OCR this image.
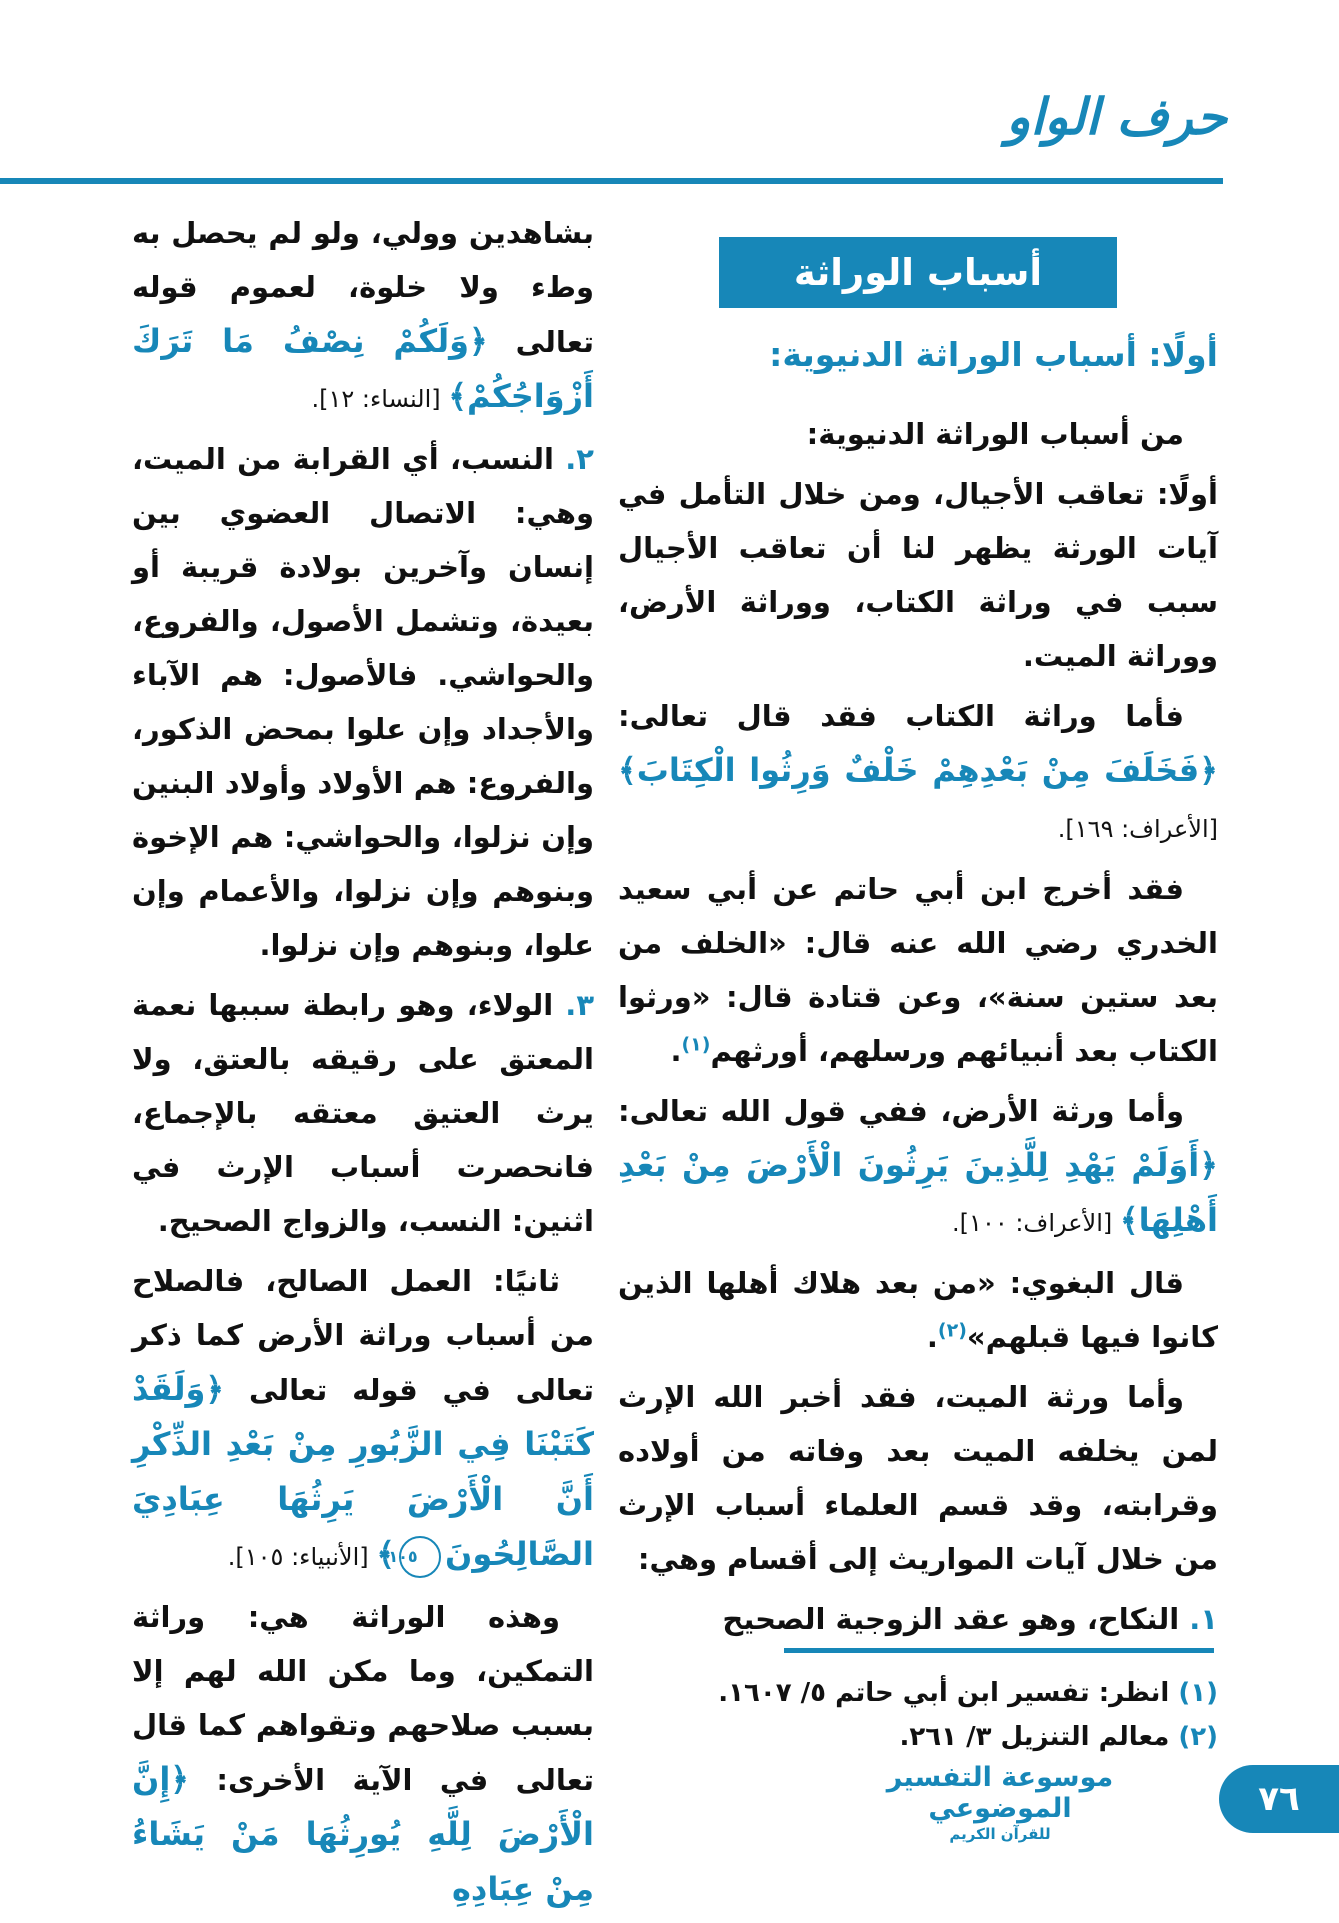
حرف الواو
أسباب الوراثة
أولًا: أسباب الوراثة الدنيوية:

من أسباب الوراثة الدنيوية:

أولًا: تعاقب الأجيال، ومن خلال التأمل في آيات الورثة يظهر لنا أن تعاقب الأجيال سبب في وراثة الكتاب، ووراثة الأرض، ووراثة الميت.

فأما وراثة الكتاب فقد قال تعالى: ﴿فَخَلَفَ مِنْ بَعْدِهِمْ خَلْفٌ وَرِثُوا الْكِتَابَ﴾ [الأعراف: ١٦٩].

فقد أخرج ابن أبي حاتم عن أبي سعيد الخدري رضي الله عنه قال: «الخلف من بعد ستين سنة»، وعن قتادة قال: «ورثوا الكتاب بعد أنبيائهم ورسلهم، أورثهم$^{(١)}$.

وأما ورثة الأرض، ففي قول الله تعالى: ﴿أَوَلَمْ يَهْدِ لِلَّذِينَ يَرِثُونَ الْأَرْضَ مِنْ بَعْدِ أَهْلِهَا﴾ [الأعراف: ١٠٠].

قال البغوي: «من بعد هلاك أهلها الذين كانوا فيها قبلهم»$^{(٢)}$.

وأما ورثة الميت، فقد أخبر الله الإرث لمن يخلفه الميت بعد وفاته من أولاده وقرابته، وقد قسم العلماء أسباب الإرث من خلال آيات المواريث إلى أقسام وهي:

١. النكاح، وهو عقد الزوجية الصحيح

بشاهدين وولي، ولو لم يحصل به وطء ولا خلوة، لعموم قوله تعالى ﴿وَلَكُمْ نِصْفُ مَا تَرَكَ أَزْوَاجُكُمْ﴾ [النساء: ١٢].

٢. النسب، أي القرابة من الميت، وهي: الاتصال العضوي بين إنسان وآخرين بولادة قريبة أو بعيدة، وتشمل الأصول، والفروع، والحواشي. فالأصول: هم الآباء والأجداد وإن علوا بمحض الذكور، والفروع: هم الأولاد وأولاد البنين وإن نزلوا، والحواشي: هم الإخوة وبنوهم وإن نزلوا، والأعمام وإن علوا، وبنوهم وإن نزلوا.

٣. الولاء، وهو رابطة سببها نعمة المعتق على رقيقه بالعتق، ولا يرث العتيق معتقه بالإجماع، فانحصرت أسباب الإرث في اثنين: النسب، والزواج الصحيح.

ثانيًا: العمل الصالح، فالصلاح من أسباب وراثة الأرض كما ذكر تعالى في قوله تعالى ﴿وَلَقَدْ كَتَبْنَا فِي الزَّبُورِ مِنْ بَعْدِ الذِّكْرِ أَنَّ الْأَرْضَ يَرِثُهَا عِبَادِيَ الصَّالِحُونَ١٠٥﴾ [الأنبياء: ١٠٥].

وهذه الوراثة هي: وراثة التمكين، وما مكن الله لهم إلا بسبب صلاحهم وتقواهم كما قال تعالى في الآية الأخرى: ﴿إِنَّ الْأَرْضَ لِلَّهِ يُورِثُهَا مَنْ يَشَاءُ مِنْ عِبَادِهِ

(١) انظر: تفسير ابن أبي حاتم ٥/ ١٦٠٧.

(٢) معالم التنزيل ٣/ ٢٦١.

موسوعة التفسير الموضوعي
للقرآن الكريم
٧٦
